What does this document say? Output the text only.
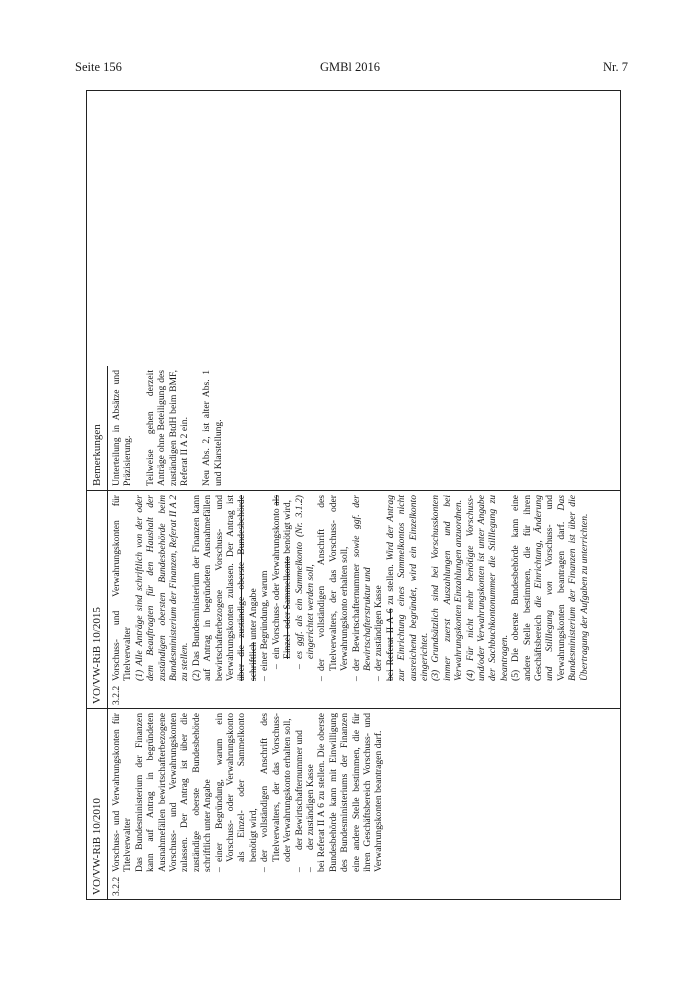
Seite 156	GMBl 2016	Nr. 7
VO/VW-RiB 10/2010 3.2.2

Vorschuss- und Verwahrungskonten für Titelverwalter Das Bundesministerium der Finanzen kann auf Antrag in begründeten Ausnahmefällen bewirtschafterbezogene Vorschuss- und Verwahrungskonten zulassen. Der Antrag ist über die zuständige oberste Bundesbehörde schriftlich unter Angabe – einer Begründung, warum ein Vorschuss- oder Verwahrungskonto als Einzel- oder Sammelkonto benötigt wird, – der vollständigen Anschrift des Titelverwalters, der das Vorschuss- oder Verwahrungskonto erhalten soll, – der Bewirtschafternummer und – der zuständigen Kasse bei Referat II A 6 zu stellen. Die oberste Bundesbehörde kann mit Einwilligung des Bundesministeriums der Finanzen eine andere Stelle bestimmen, die für ihren Geschäftsbereich Vorschuss- und Verwahrungskonten beantragen darf.

VO/VW-RiB 10/2015 3.2.2

Vorschuss- und Verwahrungskonten für Titelverwalter (1) Alle Anträge sind schriftlich von der oder dem Beauftragten für den Haushalt der zuständigen obersten Bundesbehörde beim Bundesministerium der Finanzen, Referat II A 2 zu stellen. (2) Das Bundesministerium der Finanzen kann auf Antrag in begründeten Ausnahmefällen bewirtschafterbezogene Vorschuss- und Verwahrungskonten zulassen. Der Antrag ist über die zuständige oberste Bundesbehörde schriftlich unter Angabe – einer Begründung, warum – ein Vorschuss- oder Verwahrungskonto als Einzel- oder Sammelkonto benötigt wird, – es ggf. als ein Sammelkonto (Nr. 3.1.2) eingerichtet werden soll, – der vollständigen Anschrift des Titelverwalters, der das Vorschuss- oder Verwahrungskonto erhalten soll, – der Bewirtschafternummer sowie ggf. der Bewirtschafterstruktur und – der zuständigen Kasse bei Referat II A 6 zu stellen. Wird der Antrag zur Einrichtung eines Sammelkontos nicht ausreichend begründet, wird ein Einzelkonto eingerichtet. (3) Grundsätzlich sind bei Vorschusskonten immer zuerst Auszahlungen und bei Verwahrungskonten Einzahlungen anzuordnen. (4) Für nicht mehr benötigte Vorschuss- und/oder Verwahrungskonten ist unter Angabe der Sachbuchkontonummer die Stilllegung zu beantragen. (5) Die oberste Bundesbehörde kann eine andere Stelle bestimmen, die für ihren Geschäftsbereich die Einrichtung, Änderung und Stilllegung von Vorschuss- und Verwahrungskonten beantragen darf. Das Bundesministerium der Finanzen ist über die Übertragung der Aufgaben zu unterrichten.

Bemerkungen Unterteilung in Absätze und Präzisierung. Teilweise gehen derzeit Anträge ohne Beteiligung des zuständigen BtdH beim BMF, Referat II A 2 ein. Neu Abs. 2, ist alter Abs. 1 und Klarstellung.
